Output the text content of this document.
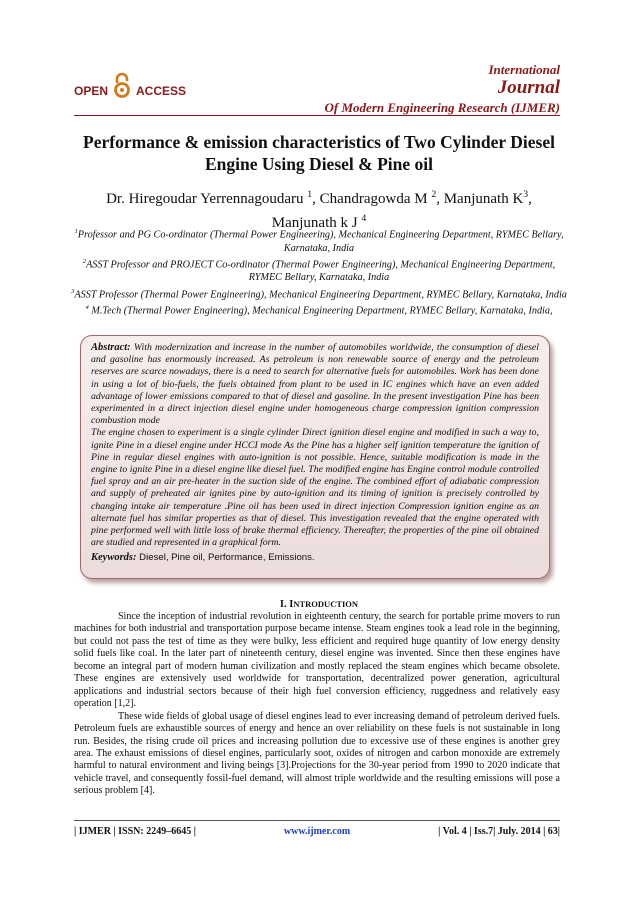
OPEN ACCESS
International
Journal
Of Modern Engineering Research (IJMER)
Performance & emission characteristics of Two Cylinder Diesel
Engine Using Diesel & Pine oil
Dr. Hiregoudar Yerrennagoudaru $^1$, Chandragowda M $^2$, Manjunath $K^3$,
Manjunath k J $^4$

$^1$Professor and PG Co-ordinator (Thermal Power Engineering), Mechanical Engineering Department, RYMEC Bellary, Karnataka, India

$^2$ASST Professor and PROJECT Co-ordinator (Thermal Power Engineering), Mechanical Engineering Department, RYMEC Bellary, Karnataka, India

$^3$ASST Professor (Thermal Power Engineering), Mechanical Engineering Department, RYMEC Bellary, Karnataka, India

$^4$ M.Tech (Thermal Power Engineering), Mechanical Engineering Department, RYMEC Bellary, Karnataka, India,

Abstract: With modernization and increase in the number of automobiles worldwide, the consumption of diesel and gasoline has enormously increased. As petroleum is non renewable source of energy and the petroleum reserves are scarce nowadays, there is a need to search for alternative fuels for automobiles. Work has been done in using a lot of bio-fuels, the fuels obtained from plant to be used in IC engines which have an even added advantage of lower emissions compared to that of diesel and gasoline. In the present investigation Pine has been experimented in a direct injection diesel engine under homogeneous charge compression ignition compression combustion mode

The engine chosen to experiment is a single cylinder Direct ignition diesel engine and modified in such a way to, ignite Pine in a diesel engine under HCCI mode As the Pine has a higher self ignition temperature the ignition of Pine in regular diesel engines with auto-ignition is not possible. Hence, suitable modification is made in the engine to ignite Pine in a diesel engine like diesel fuel. The modified engine has Engine control module controlled fuel spray and an air pre-heater in the suction side of the engine. The combined effort of adiabatic compression and supply of preheated air ignites pine by auto-ignition and its timing of ignition is precisely controlled by changing intake air temperature .Pine oil has been used in direct injection Compression ignition engine as an alternate fuel has similar properties as that of diesel. This investigation revealed that the engine operated with pine performed well with little loss of brake thermal efficiency. Thereafter, the properties of the pine oil obtained are studied and represented in a graphical form.

Keywords: Diesel, Pine oil, Performance, Emissions.

I. INTRODUCTION

Since the inception of industrial revolution in eighteenth century, the search for portable prime movers to run machines for both industrial and transportation purpose became intense. Steam engines took a lead role in the beginning, but could not pass the test of time as they were bulky, less efficient and required huge quantity of low energy density solid fuels like coal. In the later part of nineteenth century, diesel engine was invented. Since then these engines have become an integral part of modern human civilization and mostly replaced the steam engines which became obsolete. These engines are extensively used worldwide for transportation, decentralized power generation, agricultural applications and industrial sectors because of their high fuel conversion efficiency, ruggedness and relatively easy operation [1,2].

These wide fields of global usage of diesel engines lead to ever increasing demand of petroleum derived fuels. Petroleum fuels are exhaustible sources of energy and hence an over reliability on these fuels is not sustainable in long run. Besides, the rising crude oil prices and increasing pollution due to excessive use of these engines is another grey area. The exhaust emissions of diesel engines, particularly soot, oxides of nitrogen and carbon monoxide are extremely harmful to natural environment and living beings [3].Projections for the 30-year period from 1990 to 2020 indicate that vehicle travel, and consequently fossil-fuel demand, will almost triple worldwide and the resulting emissions will pose a serious problem [4].

| IJMER | ISSN: 2249–6645 |	www.ijmer.com	| Vol. 4 | Iss.7| July. 2014 | 63|
